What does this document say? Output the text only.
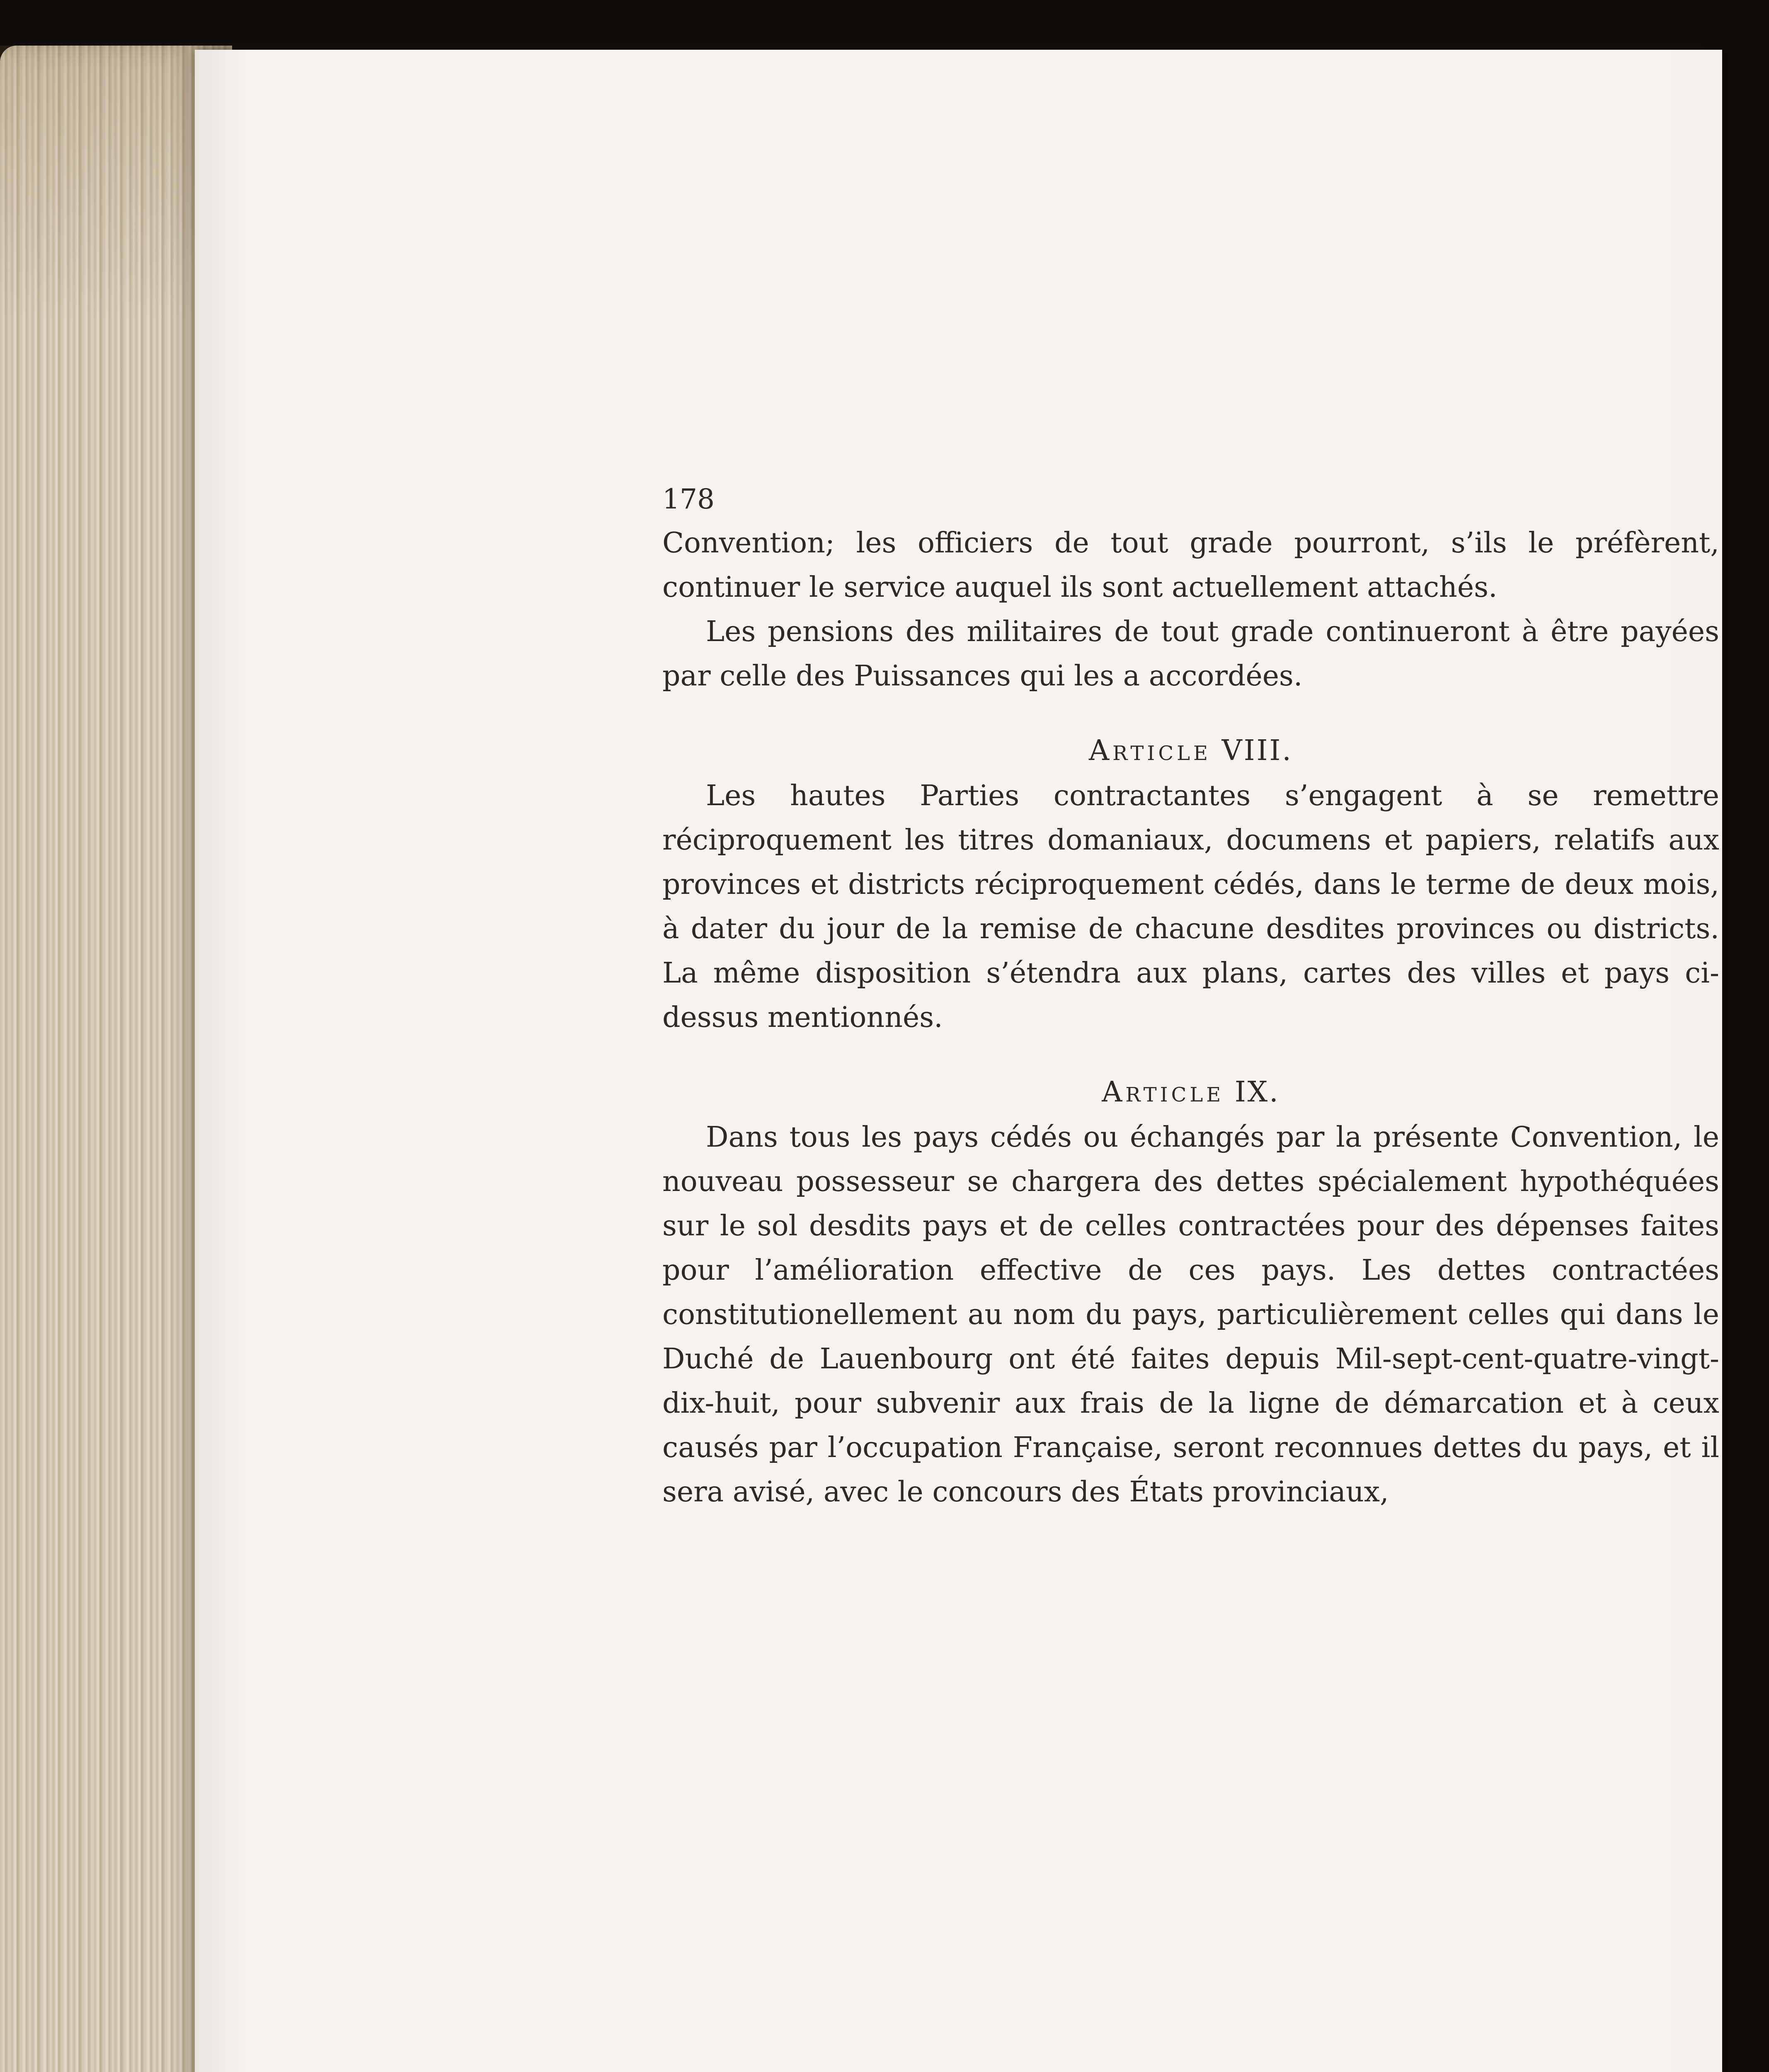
178

Convention; les officiers de tout grade pourront, s’ils le préfèrent, continuer le service auquel ils sont actuellement attachés.

Les pensions des militaires de tout grade continueront à être payées par celle des Puissances qui les a accordées.

Article VIII.

Les hautes Parties contractantes s’engagent à se remettre réciproquement les titres domaniaux, documens et papiers, relatifs aux provinces et districts réciproquement cédés, dans le terme de deux mois, à dater du jour de la remise de chacune desdites provinces ou districts. La même disposition s’étendra aux plans, cartes des villes et pays ci-dessus mentionnés.

Article IX.

Dans tous les pays cédés ou échangés par la présente Convention, le nouveau possesseur se chargera des dettes spécialement hypothéquées sur le sol desdits pays et de celles contractées pour des dépenses faites pour l’amélioration effective de ces pays. Les dettes contractées constitutionellement au nom du pays, particulièrement celles qui dans le Duché de Lauenbourg ont été faites depuis Mil-sept-cent-quatre-vingt-dix-huit, pour subvenir aux frais de la ligne de démarcation et à ceux causés par l’occupation Française, seront reconnues dettes du pays, et il sera avisé, avec le concours des États provinciaux,
